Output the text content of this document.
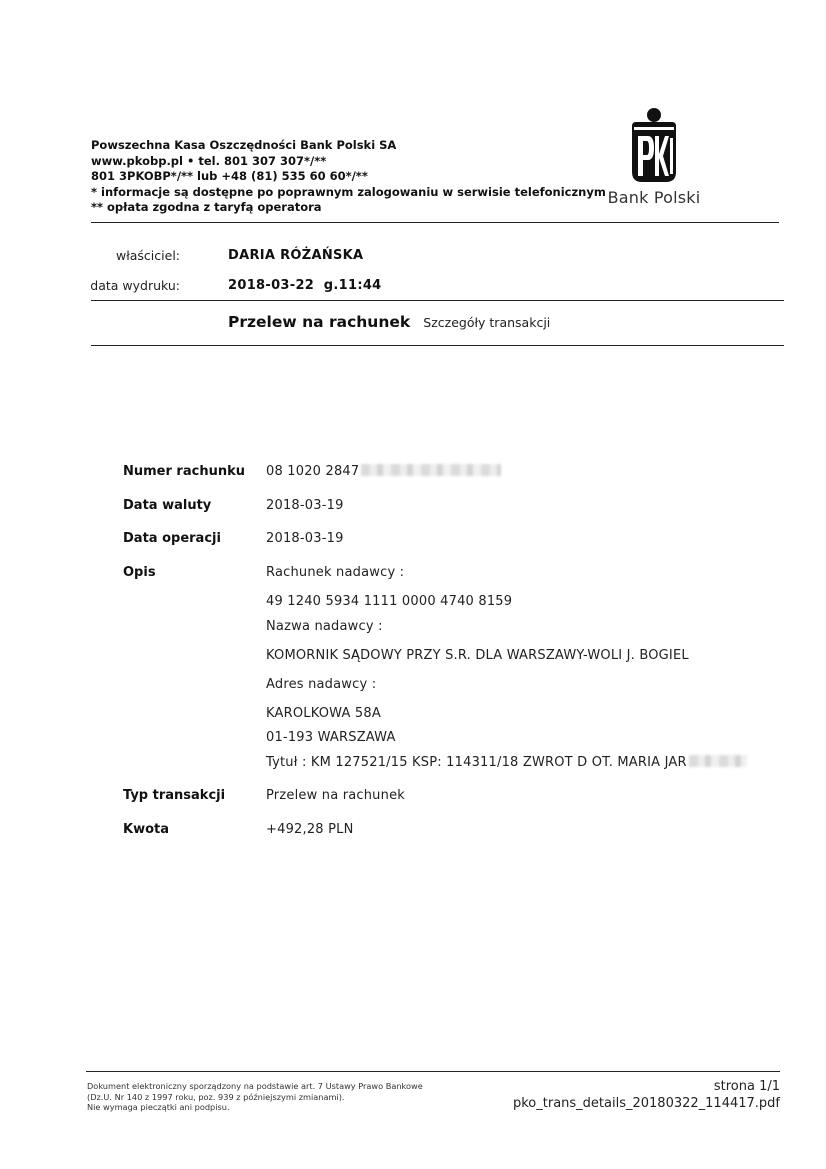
Powszechna Kasa Oszczędności Bank Polski SA
www.pkobp.pl • tel. 801 307 307*/**
801 3PKOBP*/** lub +48 (81) 535 60 60*/**
* informacje są dostępne po poprawnym zalogowaniu w serwisie telefonicznym
** opłata zgodna z taryfą operatora	Bank Polski
właściciel:	DARIA RÓŻAŃSKA
data wydruku:	2018-03-22  g.11:44
Przelew na rachunek Szczegóły transakcji
Numer rachunku 08 1020 2847
Data waluty	2018-03-19
Data operacji	2018-03-19
Opis	Rachunek nadawcy :
49 1240 5934 1111 0000 4740 8159
Nazwa nadawcy :
KOMORNIK SĄDOWY PRZY S.R. DLA WARSZAWY-WOLI J. BOGIEL
Adres nadawcy :
KAROLKOWA 58A
01-193 WARSZAWA
Tytuł : KM 127521/15 KSP: 114311/18 ZWROT D OT. MARIA JAR
Typ transakcji	Przelew na rachunek
Kwota	+492,28 PLN
Dokument elektroniczny sporządzony na podstawie art. 7 Ustawy Prawo Bankowe
(Dz.U. Nr 140 z 1997 roku, poz. 939 z późniejszymi zmianami).
Nie wymaga pieczątki ani podpisu.
strona 1/1
pko_trans_details_20180322_114417.pdf
